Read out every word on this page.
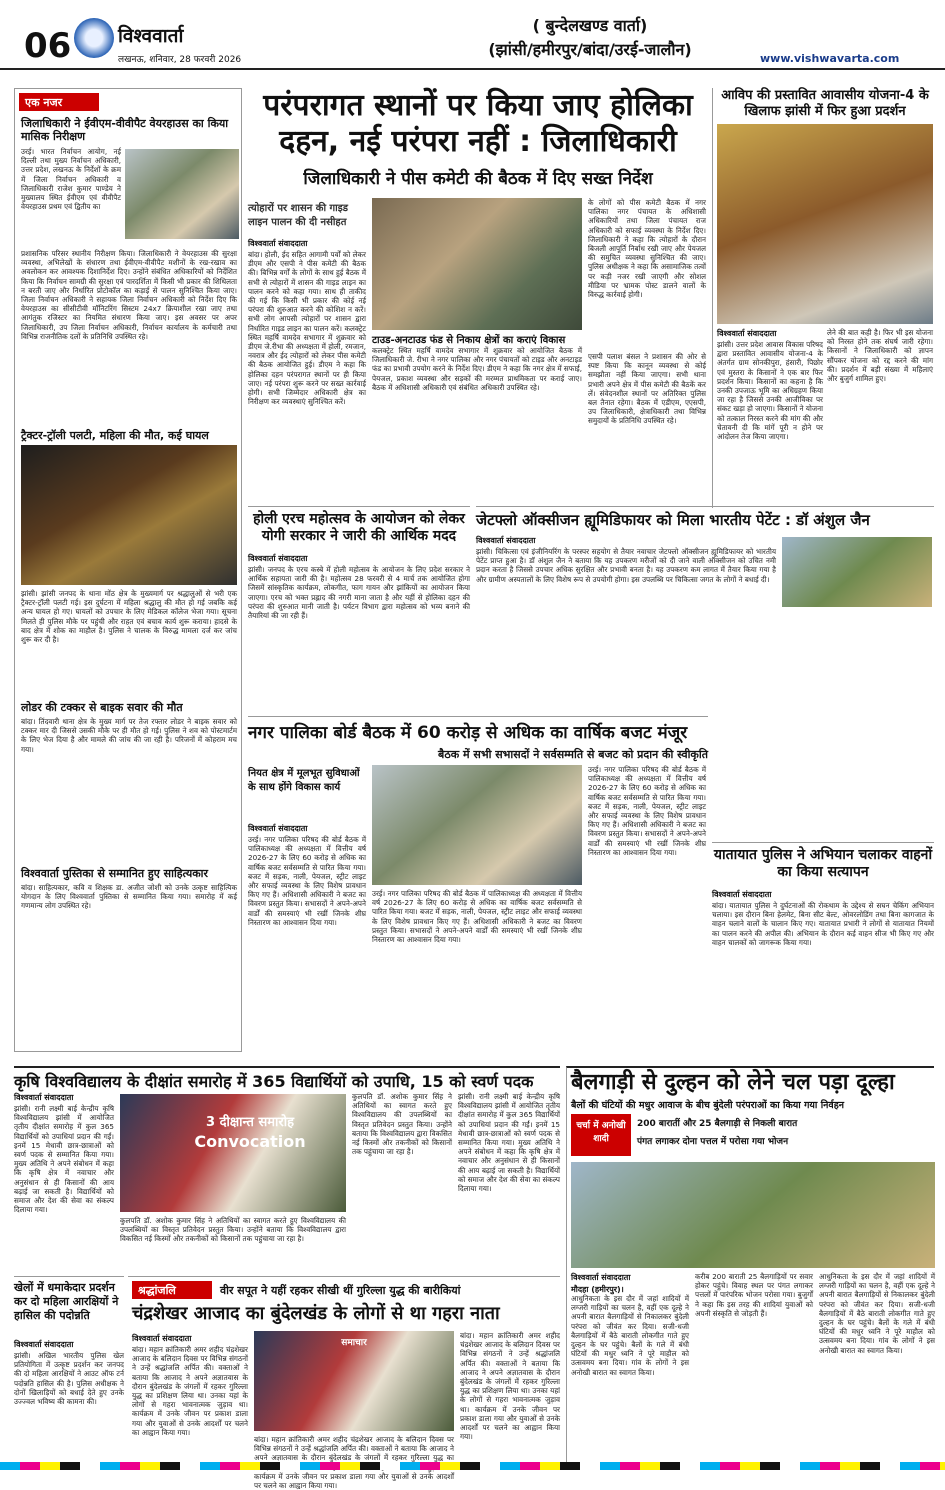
06 विश्ववार्ता
लखनऊ, शनिवार, 28 फरवरी 2026
( बुन्देलखण्ड वार्ता)
(झांसी/हमीरपुर/बांदा/उरई-जालौन)	www.vishwavarta.com
एक नजर
जिलाधिकारी ने ईवीएम-वीवीपैट वेयरहाउस का किया मासिक निरीक्षण
उरई। भारत निर्वाचन आयोग, नई दिल्ली तथा मुख्य निर्वाचन अधिकारी, उत्तर प्रदेश, लखनऊ के निर्देशों के क्रम में जिला निर्वाचन अधिकारी व जिलाधिकारी राजेश कुमार पाण्डेय ने मुख्यालय स्थित ईवीएम एवं वीवीपैट वेयरहाउस प्रथम एवं द्वितीय का
प्रशासनिक परिसर स्थानीय निरीक्षण किया। जिलाधिकारी ने वेयरहाउस की सुरक्षा व्यवस्था, अभिलेखों के संधारण तथा ईवीएम-वीवीपैट मशीनों के रख-रखाव का अवलोकन कर आवश्यक दिशानिर्देश दिए। उन्होंने संबंधित अधिकारियों को निर्देशित किया कि निर्वाचन सामग्री की सुरक्षा एवं पारदर्शिता में किसी भी प्रकार की शिथिलता न बरती जाए और निर्धारित प्रोटोकॉल का कड़ाई से पालन सुनिश्चित किया जाए। जिला निर्वाचन अधिकारी ने सहायक जिला निर्वाचन अधिकारी को निर्देश दिए कि वेयरहाउस का सीसीटीवी मॉनिटरिंग सिस्टम 24x7 क्रियाशील रखा जाए तथा आगंतुक रजिस्टर का नियमित संधारण किया जाए। इस अवसर पर अपर जिलाधिकारी, उप जिला निर्वाचन अधिकारी, निर्वाचन कार्यालय के कर्मचारी तथा विभिन्न राजनीतिक दलों के प्रतिनिधि उपस्थित रहे।
ट्रैक्टर-ट्रॉली पलटी, महिला की मौत, कई घायल
झांसी। झांसी जनपद के थाना मोंठ क्षेत्र के मुख्यमार्ग पर श्रद्धालुओं से भरी एक ट्रैक्टर-ट्रॉली पलटी गई। इस दुर्घटना में महिला श्रद्धालु की मौत हो गई जबकि कई अन्य घायल हो गए। घायलों को उपचार के लिए मेडिकल कॉलेज भेजा गया। सूचना मिलते ही पुलिस मौके पर पहुंची और राहत एवं बचाव कार्य शुरू कराया। हादसे के बाद क्षेत्र में शोक का माहौल है। पुलिस ने चालक के विरुद्ध मामला दर्ज कर जांच शुरू कर दी है।
लोडर की टक्कर से बाइक सवार की मौत
बांदा। तिंदवारी थाना क्षेत्र के मुख्य मार्ग पर तेज रफ्तार लोडर ने बाइक सवार को टक्कर मार दी जिससे उसकी मौके पर ही मौत हो गई। पुलिस ने शव को पोस्टमार्टम के लिए भेज दिया है और मामले की जांच की जा रही है। परिजनों में कोहराम मच गया।
विश्ववार्ता पुस्तिका से सम्मानित हुए साहित्यकार
बांदा। साहित्यकार, कवि व शिक्षक डा. अजीत जोशी को उनके उत्कृष्ट साहित्यिक योगदान के लिए विश्ववार्ता पुस्तिका से सम्मानित किया गया। समारोह में कई गणमान्य लोग उपस्थित रहे।
परंपरागत स्थानों पर किया जाए होलिका दहन, नई परंपरा नहीं : जिलाधिकारी
जिलाधिकारी ने पीस कमेटी की बैठक में दिए सख्त निर्देश
त्योहारों पर शासन की गाइड लाइन पालन की दी नसीहत
विश्ववार्ता संवाददाता
बांदा। होली, ईद सहित आगामी पर्वों को लेकर डीएम और एसपी ने पीस कमेटी की बैठक की। बिभिन्न वर्गों के लोगों के साथ हुई बैठक में सभी से त्योहारों में शासन की गाइड लाइन का पालन करने को कहा गया। साथ ही ताकीद की गई कि किसी भी प्रकार की कोई नई परंपरा की शुरुआत करने की कोशिश न करें। सभी लोग आपसी त्योहारों पर शासन द्वारा निर्धारित गाइड लाइन का पालन करें। कलक्ट्रेट स्थित महर्षि वामदेव सभागार में शुक्रवार को डीएम जे.रीभा की अध्यक्षता में होली, रमजान, नवरात्र और ईद त्योहारों को लेकर पीस कमेटी की बैठक आयोजित हुई। डीएम ने कहा कि होलिका दहन परंपरागत स्थानों पर ही किया जाए। नई परंपरा शुरू करने पर सख्त कार्रवाई होगी। सभी जिम्मेदार अधिकारी क्षेत्र का निरीक्षण कर व्यवस्थाएं सुनिश्चित करें।
टाउड-अनटाउड फंड से निकाय क्षेत्रों का कराएं विकास
कलक्ट्रेट स्थित महर्षि वामदेव सभागार में शुक्रवार को आयोजित बैठक में जिलाधिकारी जे. रीभा ने नगर पालिका और नगर पंचायतों को टाइड और अनटाइड फंड का प्रभावी उपयोग करने के निर्देश दिए। डीएम ने कहा कि नगर क्षेत्र में सफाई, पेयजल, प्रकाश व्यवस्था और सड़कों की मरम्मत प्राथमिकता पर कराई जाए। बैठक में अधिशासी अधिकारी एवं संबंधित अधिकारी उपस्थित रहे।
के लोगों को पीस कमेटी बैठक में नगर पालिका नगर पंचायत के अधिशासी अधिकारियों तथा जिला पंचायत राज अधिकारी को सफाई व्यवस्था के निर्देश दिए। जिलाधिकारी ने कहा कि त्योहारों के दौरान बिजली आपूर्ति निर्बाध रखी जाए और पेयजल की समुचित व्यवस्था सुनिश्चित की जाए। पुलिस अधीक्षक ने कहा कि असामाजिक तत्वों पर कड़ी नजर रखी जाएगी और सोशल मीडिया पर भ्रामक पोस्ट डालने वालों के विरुद्ध कार्रवाई होगी।
एसपी पलाश बंसल ने प्रशासन की ओर से स्पष्ट किया कि कानून व्यवस्था से कोई समझौता नहीं किया जाएगा। सभी थाना प्रभारी अपने क्षेत्र में पीस कमेटी की बैठकें कर लें। संवेदनशील स्थानों पर अतिरिक्त पुलिस बल तैनात रहेगा। बैठक में एडीएम, एएसपी, उप जिलाधिकारी, क्षेत्राधिकारी तथा विभिन्न समुदायों के प्रतिनिधि उपस्थित रहे।
आविप की प्रस्तावित आवासीय योजना-4 के खिलाफ झांसी में फिर हुआ प्रदर्शन
विश्ववार्ता संवाददाता
झांसी। उत्तर प्रदेश आवास विकास परिषद द्वारा प्रस्तावित आवासीय योजना-4 के अंतर्गत ग्राम सोनकीपुरा, हंसारी, पिछोर एवं मुस्तरा के किसानों ने एक बार फिर प्रदर्शन किया। किसानों का कहना है कि उनकी उपजाऊ भूमि का अधिग्रहण किया जा रहा है जिससे उनकी आजीविका पर संकट खड़ा हो जाएगा। किसानों ने योजना को तत्काल निरस्त करने की मांग की और चेतावनी दी कि मांगें पूरी न होने पर आंदोलन तेज किया जाएगा।
लेने की बात कही है। फिर भी इस योजना को निरस्त होने तक संघर्ष जारी रहेगा। किसानों ने जिलाधिकारी को ज्ञापन सौंपकर योजना को रद्द करने की मांग की। प्रदर्शन में बड़ी संख्या में महिलाएं और बुजुर्ग शामिल हुए।
होली एरच महोत्सव के आयोजन को लेकर योगी सरकार ने जारी की आर्थिक मदद
विश्ववार्ता संवाददाता
झांसी। जनपद के एरच कस्बे में होली महोत्सव के आयोजन के लिए प्रदेश सरकार ने आर्थिक सहायता जारी की है। महोत्सव 28 फरवरी से 4 मार्च तक आयोजित होगा जिसमें सांस्कृतिक कार्यक्रम, लोकगीत, फाग गायन और झांकियों का आयोजन किया जाएगा। एरच को भक्त प्रह्लाद की नगरी माना जाता है और यहीं से होलिका दहन की परंपरा की शुरुआत मानी जाती है। पर्यटन विभाग द्वारा महोत्सव को भव्य बनाने की तैयारियां की जा रही हैं।
जेटफ्लो ऑक्सीजन ह्यूमिडिफायर को मिला भारतीय पेटेंट : डॉ अंशुल जैन
विश्ववार्ता संवाददाता
झांसी। चिकित्सा एवं इंजीनियरिंग के परस्पर सहयोग से तैयार नवाचार जेटफ्लो ऑक्सीजन ह्यूमिडिफायर को भारतीय पेटेंट प्राप्त हुआ है। डॉ अंशुल जैन ने बताया कि यह उपकरण मरीजों को दी जाने वाली ऑक्सीजन को उचित नमी प्रदान करता है जिससे उपचार अधिक सुरक्षित और प्रभावी बनता है। यह उपकरण कम लागत में तैयार किया गया है और ग्रामीण अस्पतालों के लिए विशेष रूप से उपयोगी होगा। इस उपलब्धि पर चिकित्सा जगत के लोगों ने बधाई दी।
नगर पालिका बोर्ड बैठक में 60 करोड़ से अधिक का वार्षिक बजट मंजूर
बैठक में सभी सभासदों ने सर्वसम्मति से बजट को प्रदान की स्वीकृति
नियत क्षेत्र में मूलभूत सुविधाओं के साथ होंगे विकास कार्य
विश्ववार्ता संवाददाता
उरई। नगर पालिका परिषद की बोर्ड बैठक में पालिकाध्यक्ष की अध्यक्षता में वित्तीय वर्ष 2026-27 के लिए 60 करोड़ से अधिक का वार्षिक बजट सर्वसम्मति से पारित किया गया। बजट में सड़क, नाली, पेयजल, स्ट्रीट लाइट और सफाई व्यवस्था के लिए विशेष प्रावधान किए गए हैं। अधिशासी अधिकारी ने बजट का विवरण प्रस्तुत किया। सभासदों ने अपने-अपने वार्डों की समस्याएं भी रखीं जिनके शीघ्र निस्तारण का आश्वासन दिया गया।
उरई। नगर पालिका परिषद की बोर्ड बैठक में पालिकाध्यक्ष की अध्यक्षता में वित्तीय वर्ष 2026-27 के लिए 60 करोड़ से अधिक का वार्षिक बजट सर्वसम्मति से पारित किया गया। बजट में सड़क, नाली, पेयजल, स्ट्रीट लाइट और सफाई व्यवस्था के लिए विशेष प्रावधान किए गए हैं। अधिशासी अधिकारी ने बजट का विवरण प्रस्तुत किया। सभासदों ने अपने-अपने वार्डों की समस्याएं भी रखीं जिनके शीघ्र निस्तारण का आश्वासन दिया गया।
उरई। नगर पालिका परिषद की बोर्ड बैठक में पालिकाध्यक्ष की अध्यक्षता में वित्तीय वर्ष 2026-27 के लिए 60 करोड़ से अधिक का वार्षिक बजट सर्वसम्मति से पारित किया गया। बजट में सड़क, नाली, पेयजल, स्ट्रीट लाइट और सफाई व्यवस्था के लिए विशेष प्रावधान किए गए हैं। अधिशासी अधिकारी ने बजट का विवरण प्रस्तुत किया। सभासदों ने अपने-अपने वार्डों की समस्याएं भी रखीं जिनके शीघ्र निस्तारण का आश्वासन दिया गया।	यातायात पुलिस ने अभियान चलाकर वाहनों का किया सत्यापन
विश्ववार्ता संवाददाता
बांदा। यातायात पुलिस ने दुर्घटनाओं की रोकथाम के उद्देश्य से सघन चेकिंग अभियान चलाया। इस दौरान बिना हेलमेट, बिना सीट बेल्ट, ओवरलोडिंग तथा बिना कागजात के वाहन चलाने वालों के चालान किए गए। यातायात प्रभारी ने लोगों से यातायात नियमों का पालन करने की अपील की। अभियान के दौरान कई वाहन सीज भी किए गए और वाहन चालकों को जागरूक किया गया।
कृषि विश्वविद्यालय के दीक्षांत समारोह में 365 विद्यार्थियों को उपाधि, 15 को स्वर्ण पदक
विश्ववार्ता संवाददाता
झांसी। रानी लक्ष्मी बाई केन्द्रीय कृषि विश्वविद्यालय झांसी में आयोजित तृतीय दीक्षांत समारोह में कुल 365 विद्यार्थियों को उपाधियां प्रदान की गईं। इनमें 15 मेधावी छात्र-छात्राओं को स्वर्ण पदक से सम्मानित किया गया। मुख्य अतिथि ने अपने संबोधन में कहा कि कृषि क्षेत्र में नवाचार और अनुसंधान से ही किसानों की आय बढ़ाई जा सकती है। विद्यार्थियों को समाज और देश की सेवा का संकल्प दिलाया गया।
3 दीक्षान्त समारोह
Convocation
कुलपति डॉ. अशोक कुमार सिंह ने अतिथियों का स्वागत करते हुए विश्वविद्यालय की उपलब्धियों का विस्तृत प्रतिवेदन प्रस्तुत किया। उन्होंने बताया कि विश्वविद्यालय द्वारा विकसित नई किस्मों और तकनीकों को किसानों तक पहुंचाया जा रहा है।
कुलपति डॉ. अशोक कुमार सिंह ने अतिथियों का स्वागत करते हुए विश्वविद्यालय की उपलब्धियों का विस्तृत प्रतिवेदन प्रस्तुत किया। उन्होंने बताया कि विश्वविद्यालय द्वारा विकसित नई किस्मों और तकनीकों को किसानों तक पहुंचाया जा रहा है।
झांसी। रानी लक्ष्मी बाई केन्द्रीय कृषि विश्वविद्यालय झांसी में आयोजित तृतीय दीक्षांत समारोह में कुल 365 विद्यार्थियों को उपाधियां प्रदान की गईं। इनमें 15 मेधावी छात्र-छात्राओं को स्वर्ण पदक से सम्मानित किया गया। मुख्य अतिथि ने अपने संबोधन में कहा कि कृषि क्षेत्र में नवाचार और अनुसंधान से ही किसानों की आय बढ़ाई जा सकती है। विद्यार्थियों को समाज और देश की सेवा का संकल्प दिलाया गया।
बैलगाड़ी से दुल्हन को लेने चल पड़ा दूल्हा
बैलों की घंटियों की मधुर आवाज के बीच बुंदेली परंपराओं का किया गया निर्वहन
चर्चा में अनोखी शादी
200 बारातीं और 25 बैलगाड़ी से निकली बारात
पंगत लगाकर दोना पत्तल में परोसा गया भोजन
विश्ववार्ता संवाददाता
मौदहा (हमीरपुर)।
आधुनिकता के इस दौर में जहां शादियों में लग्जरी गाड़ियों का चलन है, वहीं एक दूल्हे ने अपनी बारात बैलगाड़ियों से निकालकर बुंदेली परंपरा को जीवंत कर दिया। सजी-धजी बैलगाड़ियों में बैठे बाराती लोकगीत गाते हुए दुल्हन के घर पहुंचे। बैलों के गले में बंधी घंटियों की मधुर ध्वनि ने पूरे माहौल को उत्सवमय बना दिया। गांव के लोगों ने इस अनोखी बारात का स्वागत किया।
करीब 200 बाराती 25 बैलगाड़ियों पर सवार होकर पहुंचे। विवाह स्थल पर पंगत लगाकर पत्तलों में पारंपरिक भोजन परोसा गया। बुजुर्गों ने कहा कि इस तरह की शादियां युवाओं को अपनी संस्कृति से जोड़ती हैं।
आधुनिकता के इस दौर में जहां शादियों में लग्जरी गाड़ियों का चलन है, वहीं एक दूल्हे ने अपनी बारात बैलगाड़ियों से निकालकर बुंदेली परंपरा को जीवंत कर दिया। सजी-धजी बैलगाड़ियों में बैठे बाराती लोकगीत गाते हुए दुल्हन के घर पहुंचे। बैलों के गले में बंधी घंटियों की मधुर ध्वनि ने पूरे माहौल को उत्सवमय बना दिया। गांव के लोगों ने इस अनोखी बारात का स्वागत किया।
खेलों में धमाकेदार प्रदर्शन कर दो महिला आरक्षियों ने हासिल की पदोन्नति
विश्ववार्ता संवाददाता
झांसी। अखिल भारतीय पुलिस खेल प्रतियोगिता में उत्कृष्ट प्रदर्शन कर जनपद की दो महिला आरक्षियों ने आउट ऑफ टर्न पदोन्नति हासिल की है। पुलिस अधीक्षक ने दोनों खिलाड़ियों को बधाई देते हुए उनके उज्ज्वल भविष्य की कामना की।
श्रद्धांजलि	वीर सपूत ने यहीं रहकर सीखी थीं गुरिल्ला युद्ध की बारीकियां
चंद्रशेखर आजाद का बुंदेलखंड के लोगों से था गहरा नाता
विश्ववार्ता संवाददाता
बांदा। महान क्रांतिकारी अमर शहीद चंद्रशेखर आजाद के बलिदान दिवस पर विभिन्न संगठनों ने उन्हें श्रद्धांजलि अर्पित की। वक्ताओं ने बताया कि आजाद ने अपने अज्ञातवास के दौरान बुंदेलखंड के जंगलों में रहकर गुरिल्ला युद्ध का प्रशिक्षण लिया था। उनका यहां के लोगों से गहरा भावनात्मक जुड़ाव था। कार्यक्रम में उनके जीवन पर प्रकाश डाला गया और युवाओं से उनके आदर्शों पर चलने का आह्वान किया गया।
समाचार
बांदा। महान क्रांतिकारी अमर शहीद चंद्रशेखर आजाद के बलिदान दिवस पर विभिन्न संगठनों ने उन्हें श्रद्धांजलि अर्पित की। वक्ताओं ने बताया कि आजाद ने अपने अज्ञातवास के दौरान बुंदेलखंड के जंगलों में रहकर गुरिल्ला युद्ध का कार्यक्रम में उनके जीवन पर प्रकाश डाला गया और युवाओं से उनके आदर्शों पर चलने का आह्वान किया गया।
बांदा। महान क्रांतिकारी अमर शहीद चंद्रशेखर आजाद के बलिदान दिवस पर विभिन्न संगठनों ने उन्हें श्रद्धांजलि अर्पित की। वक्ताओं ने बताया कि आजाद ने अपने अज्ञातवास के दौरान बुंदेलखंड के जंगलों में रहकर गुरिल्ला युद्ध का प्रशिक्षण लिया था। उनका यहां के लोगों से गहरा भावनात्मक जुड़ाव था। कार्यक्रम में उनके जीवन पर प्रकाश डाला गया और युवाओं से उनके आदर्शों पर चलने का आह्वान किया गया।
